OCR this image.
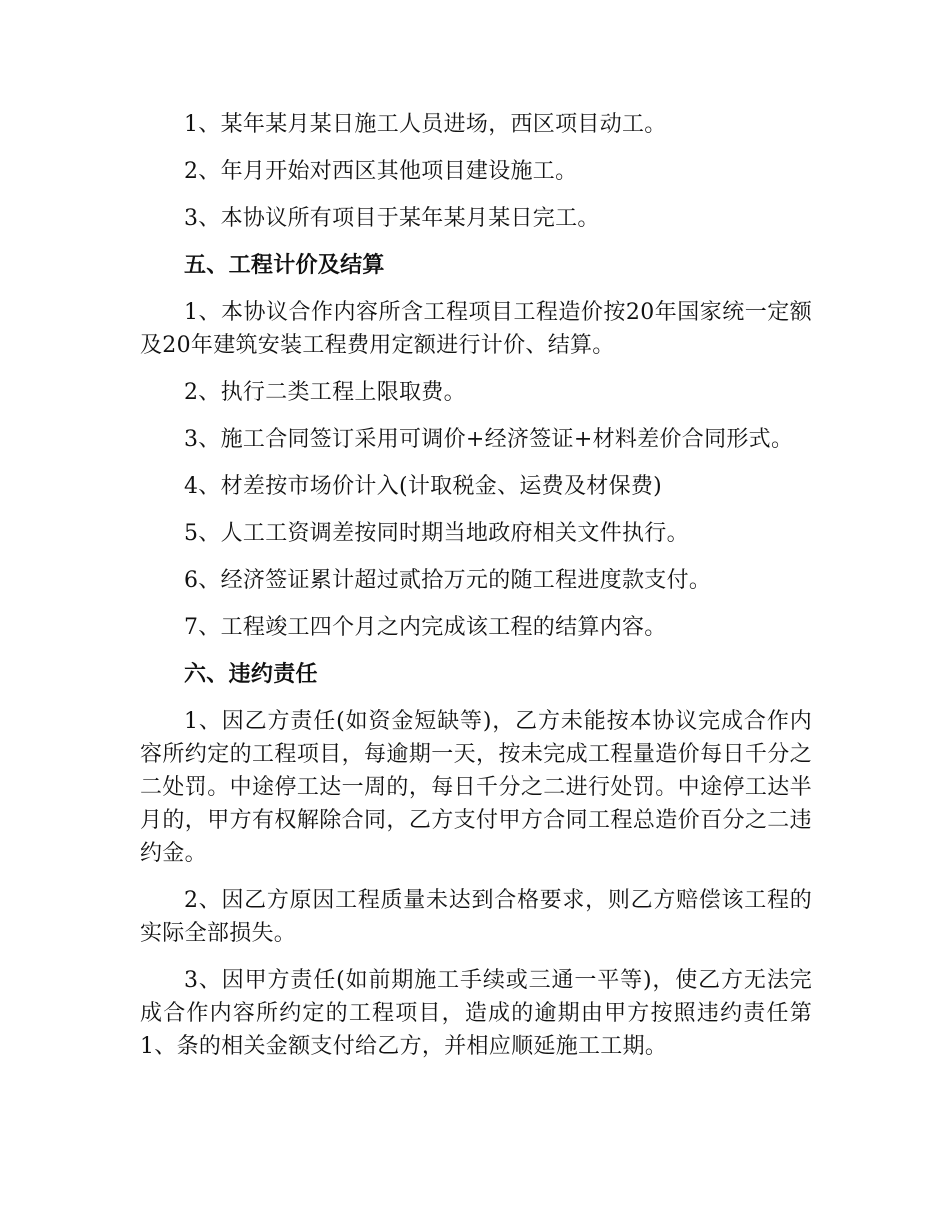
1、某年某月某日施工人员进场，西区项目动工。

2、年月开始对西区其他项目建设施工。

3、本协议所有项目于某年某月某日完工。

五、工程计价及结算

1、本协议合作内容所含工程项目工程造价按20年国家统一定额及20年建筑安装工程费用定额进行计价、结算。

2、执行二类工程上限取费。

3、施工合同签订采用可调价+经济签证+材料差价合同形式。

4、材差按市场价计入(计取税金、运费及材保费)

5、人工工资调差按同时期当地政府相关文件执行。

6、经济签证累计超过贰拾万元的随工程进度款支付。

7、工程竣工四个月之内完成该工程的结算内容。

六、违约责任

1、因乙方责任(如资金短缺等)，乙方未能按本协议完成合作内容所约定的工程项目，每逾期一天，按未完成工程量造价每日千分之二处罚。中途停工达一周的，每日千分之二进行处罚。中途停工达半月的，甲方有权解除合同，乙方支付甲方合同工程总造价百分之二违约金。

2、因乙方原因工程质量未达到合格要求，则乙方赔偿该工程的实际全部损失。

3、因甲方责任(如前期施工手续或三通一平等)，使乙方无法完成合作内容所约定的工程项目，造成的逾期由甲方按照违约责任第1、条的相关金额支付给乙方，并相应顺延施工工期。
